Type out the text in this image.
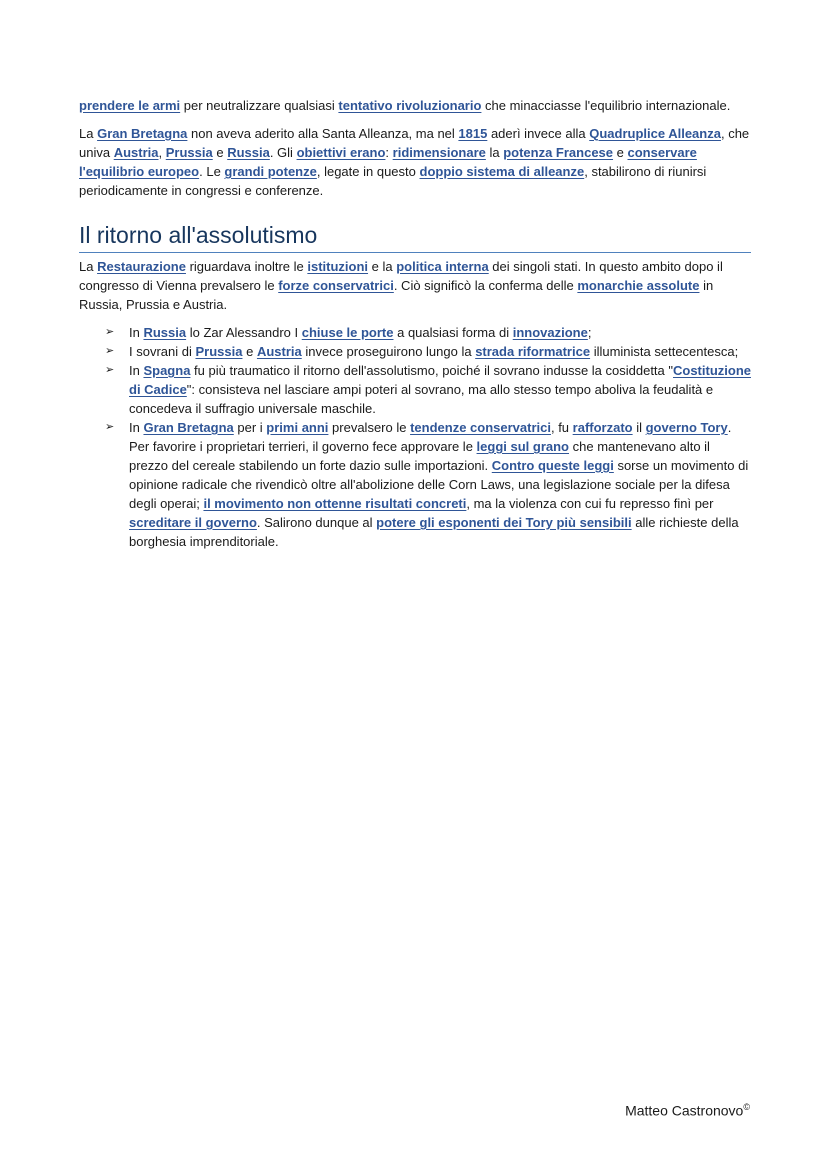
prendere le armi per neutralizzare qualsiasi tentativo rivoluzionario che minacciasse l'equilibrio internazionale.

La Gran Bretagna non aveva aderito alla Santa Alleanza, ma nel 1815 aderì invece alla Quadruplice Alleanza, che univa Austria, Prussia e Russia. Gli obiettivi erano: ridimensionare la potenza Francese e conservare l'equilibrio europeo. Le grandi potenze, legate in questo doppio sistema di alleanze, stabilirono di riunirsi periodicamente in congressi e conferenze.

Il ritorno all'assolutismo

La Restaurazione riguardava inoltre le istituzioni e la politica interna dei singoli stati. In questo ambito dopo il congresso di Vienna prevalsero le forze conservatrici. Ciò significò la conferma delle monarchie assolute in Russia, Prussia e Austria.

➢ In Russia lo Zar Alessandro I chiuse le porte a qualsiasi forma di innovazione;
➢ I sovrani di Prussia e Austria invece proseguirono lungo la strada riformatrice illuminista settecentesca;
➢ In Spagna fu più traumatico il ritorno dell'assolutismo, poiché il sovrano indusse la cosiddetta "Costituzione di Cadice": consisteva nel lasciare ampi poteri al sovrano, ma allo stesso tempo aboliva la feudalità e concedeva il suffragio universale maschile.
➢ In Gran Bretagna per i primi anni prevalsero le tendenze conservatrici, fu rafforzato il governo Tory. Per favorire i proprietari terrieri, il governo fece approvare le leggi sul grano che mantenevano alto il prezzo del cereale stabilendo un forte dazio sulle importazioni. Contro queste leggi sorse un movimento di opinione radicale che rivendicò oltre all'abolizione delle Corn Laws, una legislazione sociale per la difesa degli operai; il movimento non ottenne risultati concreti, ma la violenza con cui fu represso finì per screditare il governo. Salirono dunque al potere gli esponenti dei Tory più sensibili alle richieste della borghesia imprenditoriale.
Matteo Castronovo©
